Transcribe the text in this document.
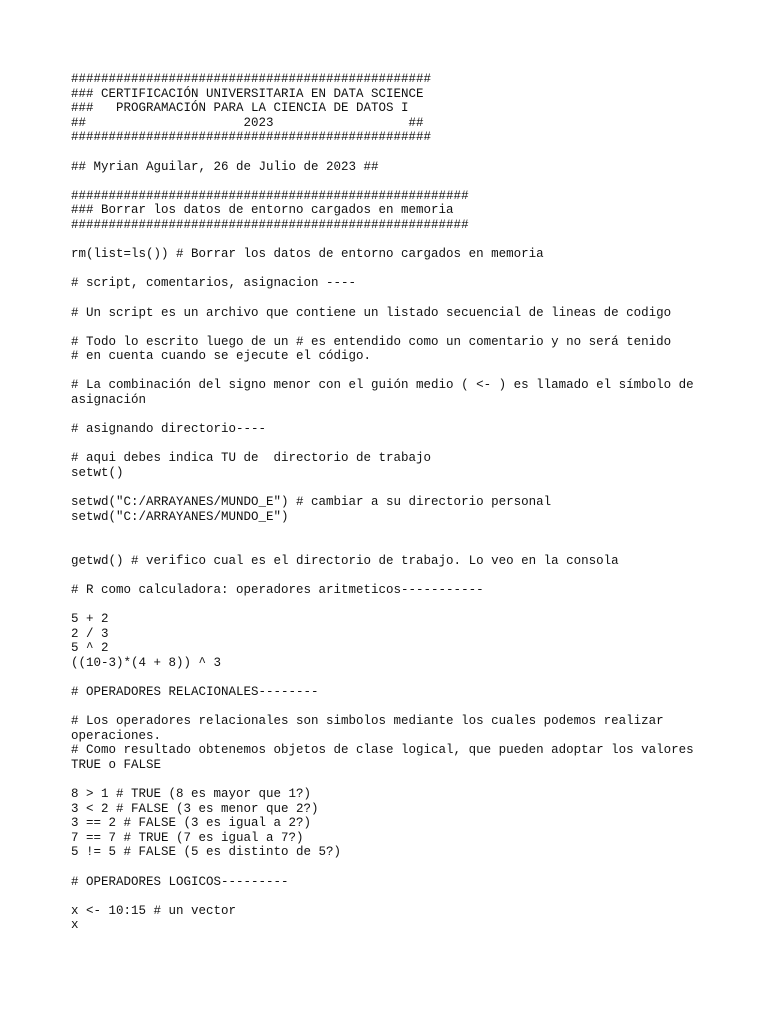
################################################
### CERTIFICACIÓN UNIVERSITARIA EN DATA SCIENCE
###   PROGRAMACIÓN PARA LA CIENCIA DE DATOS I
##                     2023                  ##
################################################
## Myrian Aguilar, 26 de Julio de 2023 ##
#####################################################
### Borrar los datos de entorno cargados en memoria
#####################################################
rm(list=ls()) # Borrar los datos de entorno cargados en memoria
# script, comentarios, asignacion ----
# Un script es un archivo que contiene un listado secuencial de lineas de codigo
# Todo lo escrito luego de un # es entendido como un comentario y no será tenido
# en cuenta cuando se ejecute el código.
# La combinación del signo menor con el guión medio ( <- ) es llamado el símbolo de asignación
# asignando directorio----
# aqui debes indica TU de  directorio de trabajo
setwt()
setwd("C:/ARRAYANES/MUNDO_E") # cambiar a su directorio personal
setwd("C:/ARRAYANES/MUNDO_E")
getwd() # verifico cual es el directorio de trabajo. Lo veo en la consola
# R como calculadora: operadores aritmeticos-----------
5 + 2
2 / 3
5 ^ 2
((10-3)*(4 + 8)) ^ 3
# OPERADORES RELACIONALES--------
# Los operadores relacionales son simbolos mediante los cuales podemos realizar operaciones.
# Como resultado obtenemos objetos de clase logical, que pueden adoptar los valores TRUE o FALSE
8 > 1 # TRUE (8 es mayor que 1?)
3 < 2 # FALSE (3 es menor que 2?)
3 == 2 # FALSE (3 es igual a 2?)
7 == 7 # TRUE (7 es igual a 7?)
5 != 5 # FALSE (5 es distinto de 5?)
# OPERADORES LOGICOS---------
x <- 10:15 # un vector
x
